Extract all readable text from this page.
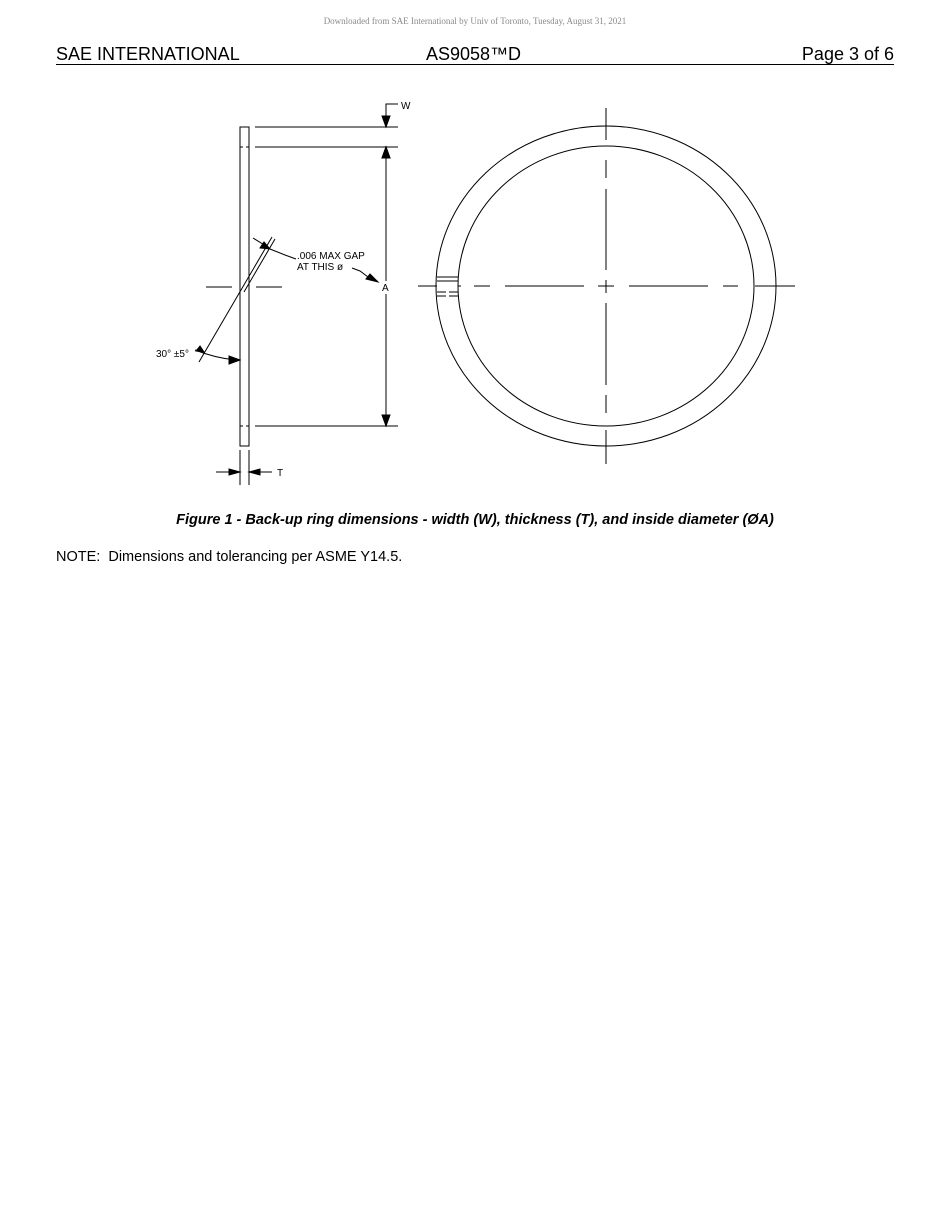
Downloaded from SAE International by Univ of Toronto, Tuesday, August 31, 2021
SAE INTERNATIONAL	AS9058™D	Page 3 of 6
W
A
.006 MAX GAP
AT THIS ø
30° ±5°
T
Figure 1 - Back-up ring dimensions - width (W), thickness (T), and inside diameter (ØA)
NOTE:  Dimensions and tolerancing per ASME Y14.5.
